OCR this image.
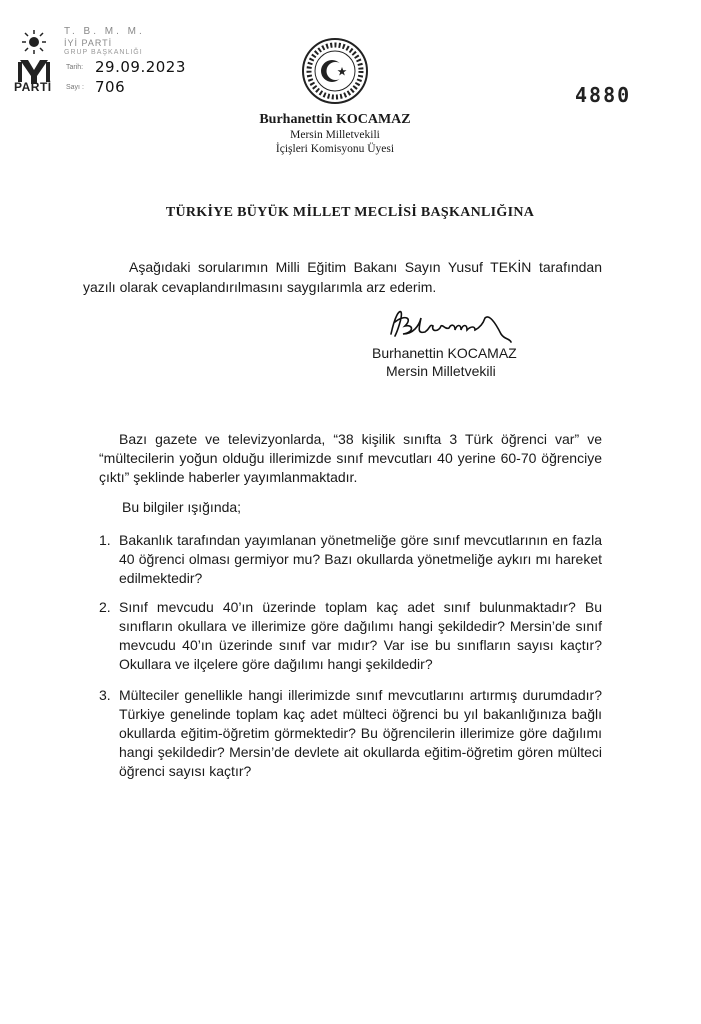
PARTİ
T. B. M. M.
İYİ PARTİ
GRUP BAŞKANLIĞI
Tarih: 29.09.2023
Sayı : 706	4880
Burhanettin KOCAMAZ
Mersin Milletvekili
İçişleri Komisyonu Üyesi
TÜRKİYE BÜYÜK MİLLET MECLİSİ BAŞKANLIĞINA
Aşağıdaki sorularımın Milli Eğitim Bakanı Sayın Yusuf TEKİN tarafından yazılı olarak cevaplandırılmasını saygılarımla arz ederim.
Burhanettin KOCAMAZ
Mersin Milletvekili
Bazı gazete ve televizyonlarda, “38 kişilik sınıfta 3 Türk öğrenci var” ve “mültecilerin yoğun olduğu illerimizde sınıf mevcutları 40 yerine 60-70 öğrenciye çıktı” şeklinde haberler yayımlanmaktadır.
Bu bilgiler ışığında;
1. Bakanlık tarafından yayımlanan yönetmeliğe göre sınıf mevcutlarının en fazla 40 öğrenci olması germiyor mu? Bazı okullarda yönetmeliğe aykırı mı hareket edilmektedir?
2. Sınıf mevcudu 40’ın üzerinde toplam kaç adet sınıf bulunmaktadır? Bu sınıfların okullara ve illerimize göre dağılımı hangi şekildedir? Mersin’de sınıf mevcudu 40’ın üzerinde sınıf var mıdır? Var ise bu sınıfların sayısı kaçtır? Okullara ve ilçelere göre dağılımı hangi şekildedir?
3. Mülteciler genellikle hangi illerimizde sınıf mevcutlarını artırmış durumdadır? Türkiye genelinde toplam kaç adet mülteci öğrenci bu yıl bakanlığınıza bağlı okullarda eğitim-öğretim görmektedir? Bu öğrencilerin illerimize göre dağılımı hangi şekildedir? Mersin’de devlete ait okullarda eğitim-öğretim gören mülteci öğrenci sayısı kaçtır?
